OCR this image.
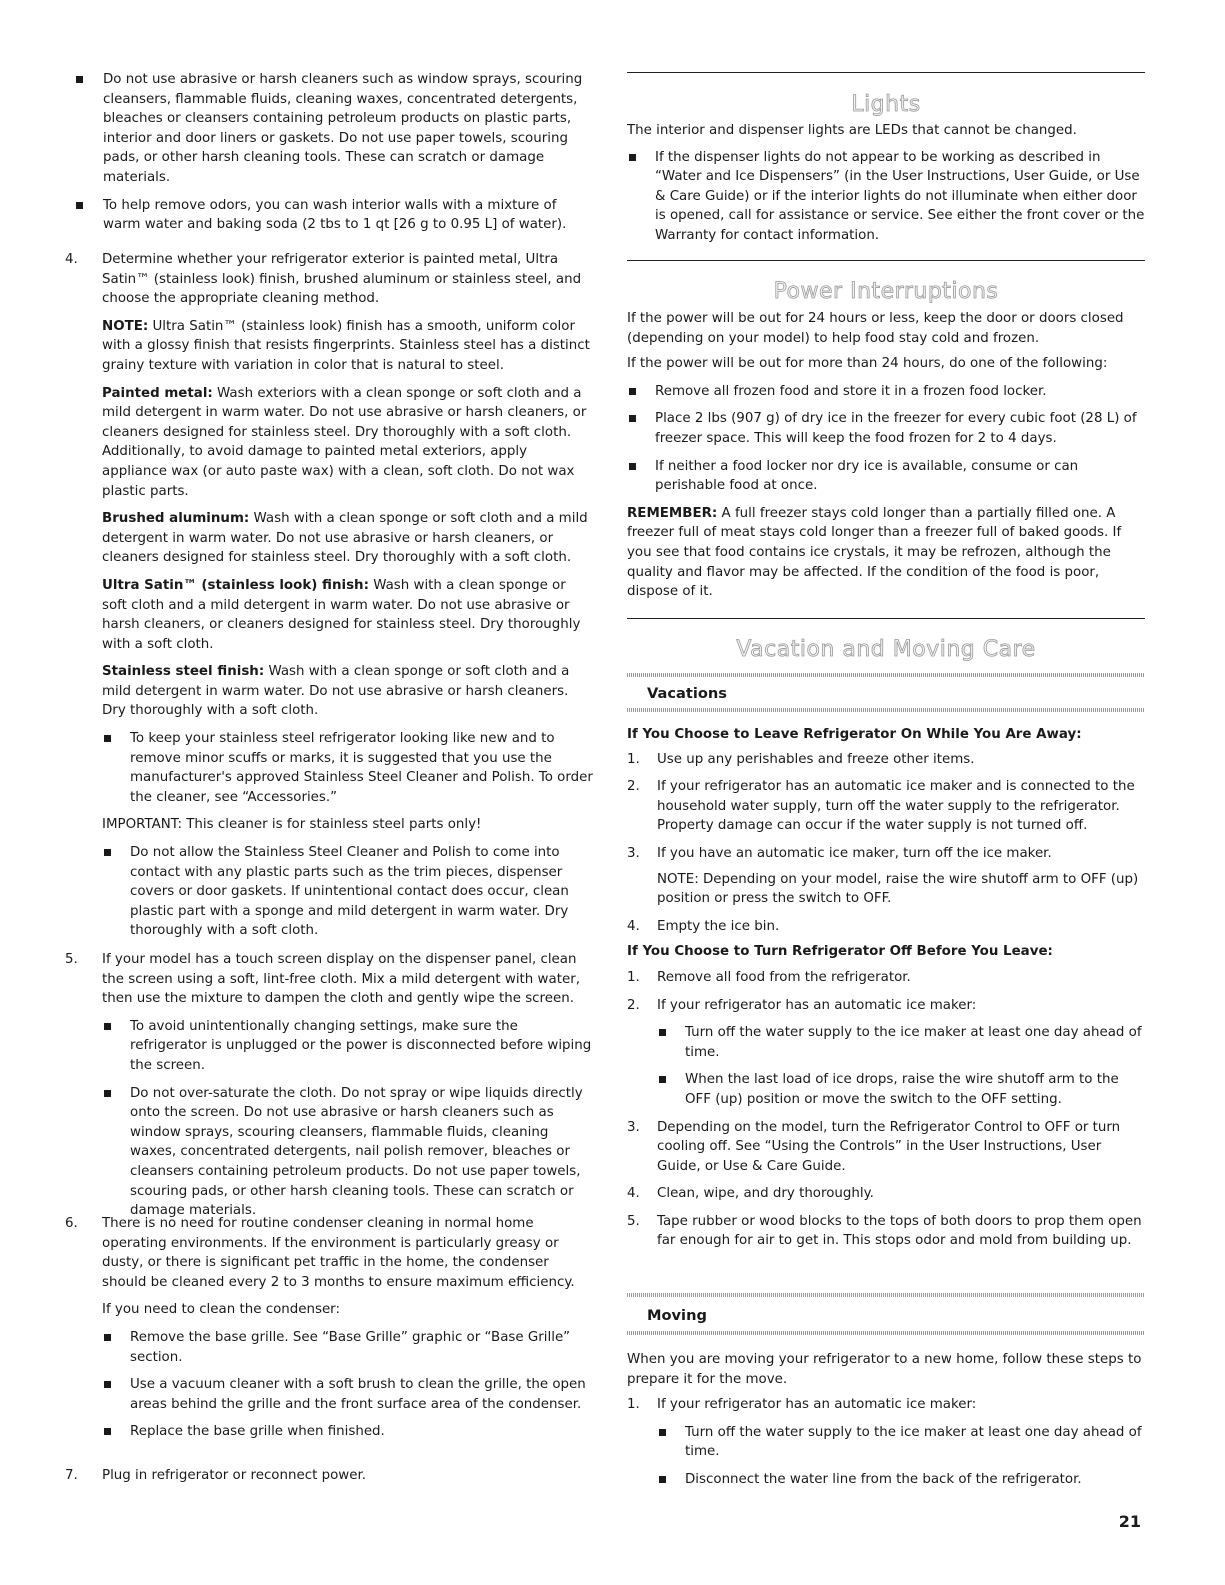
Do not use abrasive or harsh cleaners such as window sprays, scouring cleansers, flammable fluids, cleaning waxes, concentrated detergents, bleaches or cleansers containing petroleum products on plastic parts, interior and door liners or gaskets. Do not use paper towels, scouring pads, or other harsh cleaning tools. These can scratch or damage materials.

To help remove odors, you can wash interior walls with a mixture of warm water and baking soda (2 tbs to 1 qt [26 g to 0.95 L] of water).

4. Determine whether your refrigerator exterior is painted metal, Ultra Satin™ (stainless look) finish, brushed aluminum or stainless steel, and choose the appropriate cleaning method.

NOTE: Ultra Satin™ (stainless look) finish has a smooth, uniform color with a glossy finish that resists fingerprints. Stainless steel has a distinct grainy texture with variation in color that is natural to steel.

Painted metal: Wash exteriors with a clean sponge or soft cloth and a mild detergent in warm water. Do not use abrasive or harsh cleaners, or cleaners designed for stainless steel. Dry thoroughly with a soft cloth. Additionally, to avoid damage to painted metal exteriors, apply appliance wax (or auto paste wax) with a clean, soft cloth. Do not wax plastic parts.

Brushed aluminum: Wash with a clean sponge or soft cloth and a mild detergent in warm water. Do not use abrasive or harsh cleaners, or cleaners designed for stainless steel. Dry thoroughly with a soft cloth.

Ultra Satin™ (stainless look) finish: Wash with a clean sponge or soft cloth and a mild detergent in warm water. Do not use abrasive or harsh cleaners, or cleaners designed for stainless steel. Dry thoroughly with a soft cloth.

Stainless steel finish: Wash with a clean sponge or soft cloth and a mild detergent in warm water. Do not use abrasive or harsh cleaners. Dry thoroughly with a soft cloth.

To keep your stainless steel refrigerator looking like new and to remove minor scuffs or marks, it is suggested that you use the manufacturer's approved Stainless Steel Cleaner and Polish. To order the cleaner, see “Accessories.”

IMPORTANT: This cleaner is for stainless steel parts only!

Do not allow the Stainless Steel Cleaner and Polish to come into contact with any plastic parts such as the trim pieces, dispenser covers or door gaskets. If unintentional contact does occur, clean plastic part with a sponge and mild detergent in warm water. Dry thoroughly with a soft cloth.

5. If your model has a touch screen display on the dispenser panel, clean the screen using a soft, lint-free cloth. Mix a mild detergent with water, then use the mixture to dampen the cloth and gently wipe the screen.

To avoid unintentionally changing settings, make sure the refrigerator is unplugged or the power is disconnected before wiping the screen.

Do not over-saturate the cloth. Do not spray or wipe liquids directly onto the screen. Do not use abrasive or harsh cleaners such as window sprays, scouring cleansers, flammable fluids, cleaning waxes, concentrated detergents, nail polish remover, bleaches or cleansers containing petroleum products. Do not use paper towels, scouring pads, or other harsh cleaning tools. These can scratch or damage materials.

6. There is no need for routine condenser cleaning in normal home operating environments. If the environment is particularly greasy or dusty, or there is significant pet traffic in the home, the condenser should be cleaned every 2 to 3 months to ensure maximum efficiency.

If you need to clean the condenser:

Remove the base grille. See “Base Grille” graphic or “Base Grille” section.

Use a vacuum cleaner with a soft brush to clean the grille, the open areas behind the grille and the front surface area of the condenser.

Replace the base grille when finished.

7. Plug in refrigerator or reconnect power.

Lights
Power Interruptions
Vacation and Moving Care
Vacations
Moving

The interior and dispenser lights are LEDs that cannot be changed.

If the dispenser lights do not appear to be working as described in “Water and Ice Dispensers” (in the User Instructions, User Guide, or Use & Care Guide) or if the interior lights do not illuminate when either door is opened, call for assistance or service. See either the front cover or the Warranty for contact information.

If the power will be out for 24 hours or less, keep the door or doors closed (depending on your model) to help food stay cold and frozen.

If the power will be out for more than 24 hours, do one of the following:

Remove all frozen food and store it in a frozen food locker.

Place 2 lbs (907 g) of dry ice in the freezer for every cubic foot (28 L) of freezer space. This will keep the food frozen for 2 to 4 days.

If neither a food locker nor dry ice is available, consume or can perishable food at once.

REMEMBER: A full freezer stays cold longer than a partially filled one. A freezer full of meat stays cold longer than a freezer full of baked goods. If you see that food contains ice crystals, it may be refrozen, although the quality and flavor may be affected. If the condition of the food is poor, dispose of it.

If You Choose to Leave Refrigerator On While You Are Away:

1. Use up any perishables and freeze other items.

2. If your refrigerator has an automatic ice maker and is connected to the household water supply, turn off the water supply to the refrigerator. Property damage can occur if the water supply is not turned off.

3. If you have an automatic ice maker, turn off the ice maker.

NOTE: Depending on your model, raise the wire shutoff arm to OFF (up) position or press the switch to OFF.

4. Empty the ice bin.

If You Choose to Turn Refrigerator Off Before You Leave:

1. Remove all food from the refrigerator.

2. If your refrigerator has an automatic ice maker:

Turn off the water supply to the ice maker at least one day ahead of time.

When the last load of ice drops, raise the wire shutoff arm to the OFF (up) position or move the switch to the OFF setting.

3. Depending on the model, turn the Refrigerator Control to OFF or turn cooling off. See “Using the Controls” in the User Instructions, User Guide, or Use & Care Guide.

4. Clean, wipe, and dry thoroughly.

5. Tape rubber or wood blocks to the tops of both doors to prop them open far enough for air to get in. This stops odor and mold from building up.

When you are moving your refrigerator to a new home, follow these steps to prepare it for the move.

1. If your refrigerator has an automatic ice maker:

Turn off the water supply to the ice maker at least one day ahead of time.

Disconnect the water line from the back of the refrigerator.

21
